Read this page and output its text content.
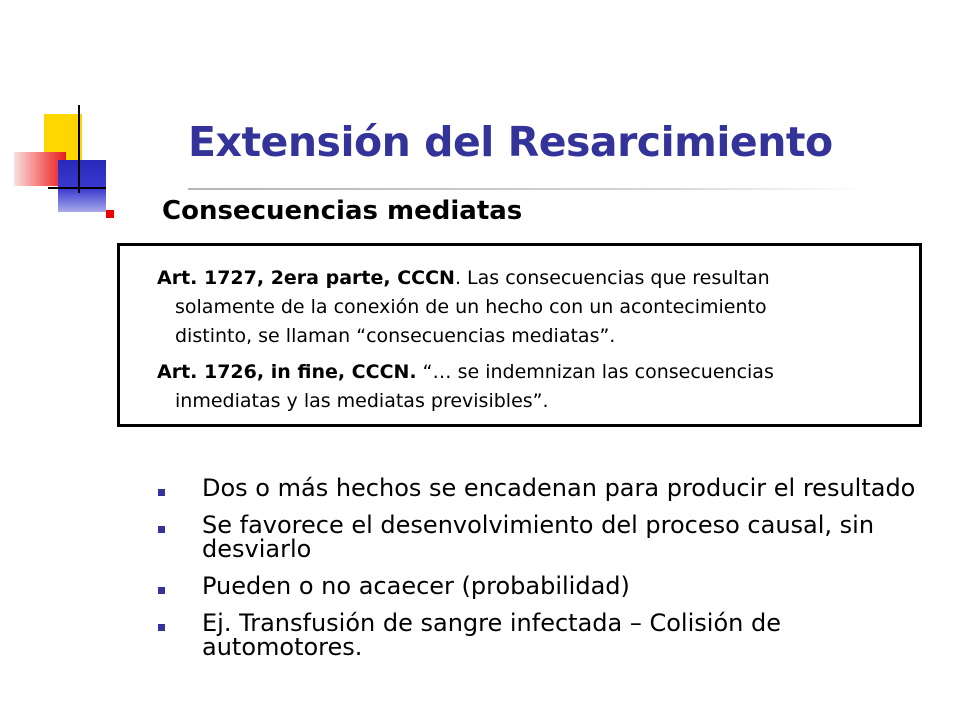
Extensión del Resarcimiento
Consecuencias mediatas
Art. 1727, 2era parte, CCCN. Las consecuencias que resultan
solamente de la conexión de un hecho con un acontecimiento
distinto, se llaman “consecuencias mediatas”.
Art. 1726, in fine, CCCN. “… se indemnizan las consecuencias
inmediatas y las mediatas previsibles”.
Dos o más hechos se encadenan para producir el resultado
Se favorece el desenvolvimiento del proceso causal, sin desviarlo
Pueden o no acaecer (probabilidad)
Ej. Transfusión de sangre infectada – Colisión de automotores.
